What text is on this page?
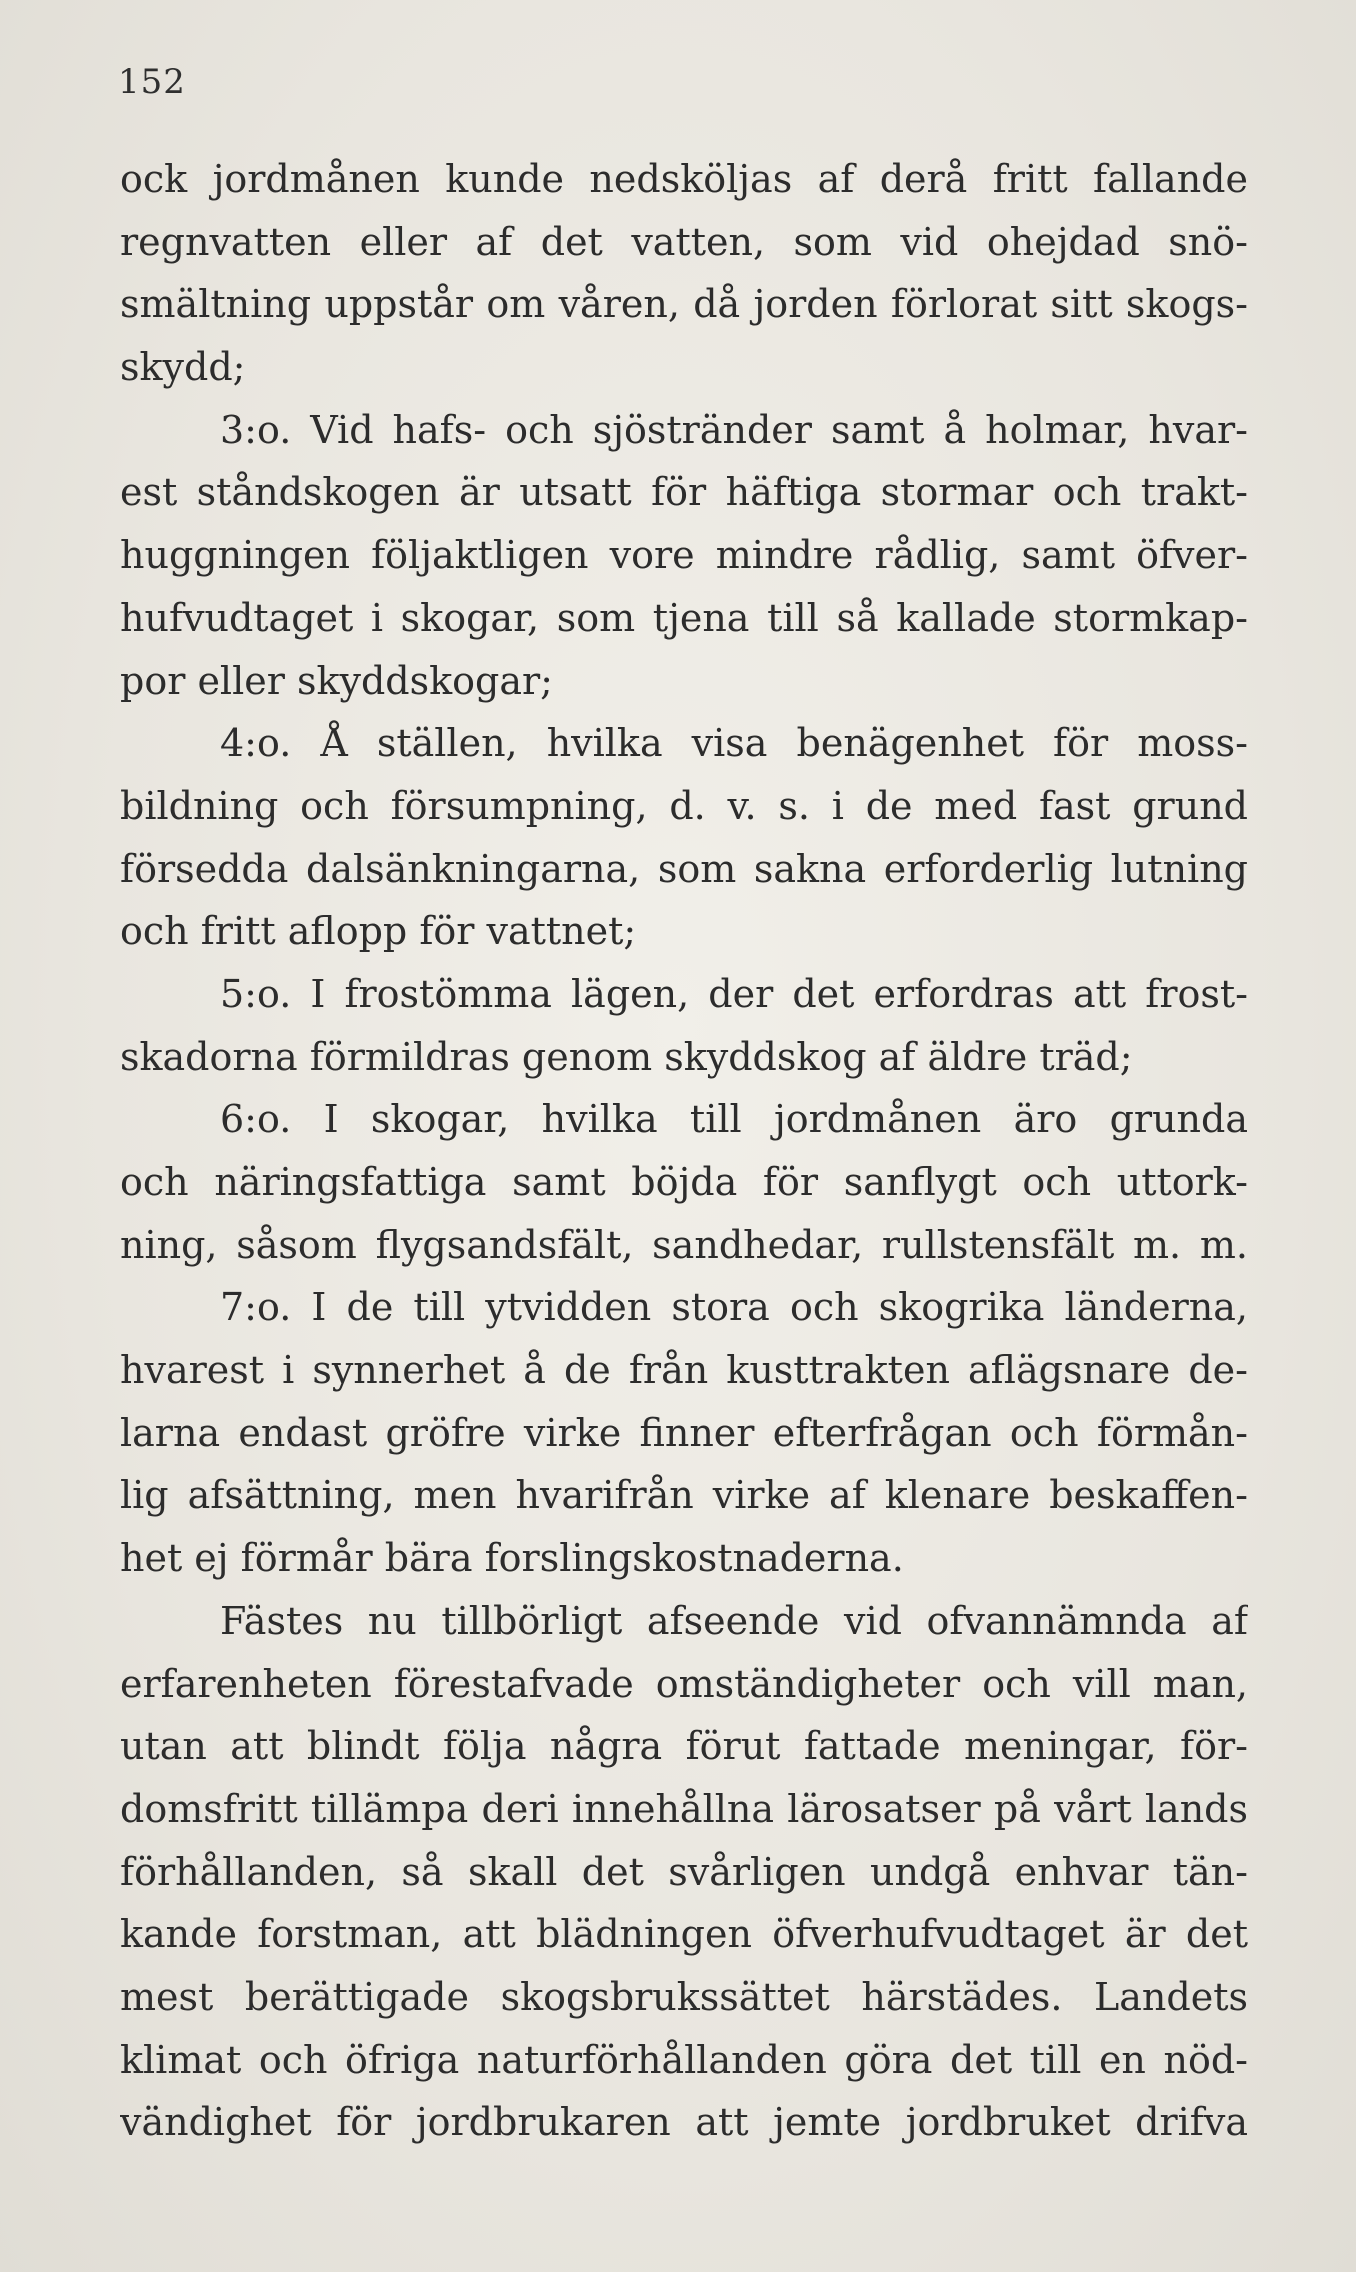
152
ock jordmånen kunde nedsköljas af derå fritt fallande
regnvatten eller af det vatten, som vid ohejdad snö-
smältning uppstår om våren, då jorden förlorat sitt skogs-
skydd;
3:o. Vid hafs- och sjöstränder samt å holmar, hvar-
est ståndskogen är utsatt för häftiga stormar och trakt-
huggningen följaktligen vore mindre rådlig, samt öfver-
hufvudtaget i skogar, som tjena till så kallade stormkap-
por eller skyddskogar;
4:o. Å ställen, hvilka visa benägenhet för moss-
bildning och försumpning, d. v. s. i de med fast grund
försedda dalsänkningarna, som sakna erforderlig lutning
och fritt aflopp för vattnet;
5:o. I frostömma lägen, der det erfordras att frost-
skadorna förmildras genom skyddskog af äldre träd;
6:o. I skogar, hvilka till jordmånen äro grunda
och näringsfattiga samt böjda för sanflygt och uttork-
ning, såsom flygsandsfält, sandhedar, rullstensfält m. m.
7:o. I de till ytvidden stora och skogrika länderna,
hvarest i synnerhet å de från kusttrakten aflägsnare de-
larna endast gröfre virke finner efterfrågan och förmån-
lig afsättning, men hvarifrån virke af klenare beskaffen-
het ej förmår bära forslingskostnaderna.
Fästes nu tillbörligt afseende vid ofvannämnda af
erfarenheten förestafvade omständigheter och vill man,
utan att blindt följa några förut fattade meningar, för-
domsfritt tillämpa deri innehållna lärosatser på vårt lands
förhållanden, så skall det svårligen undgå enhvar tän-
kande forstman, att blädningen öfverhufvudtaget är det
mest berättigade skogsbrukssättet härstädes. Landets
klimat och öfriga naturförhållanden göra det till en nöd-
vändighet för jordbrukaren att jemte jordbruket drifva
